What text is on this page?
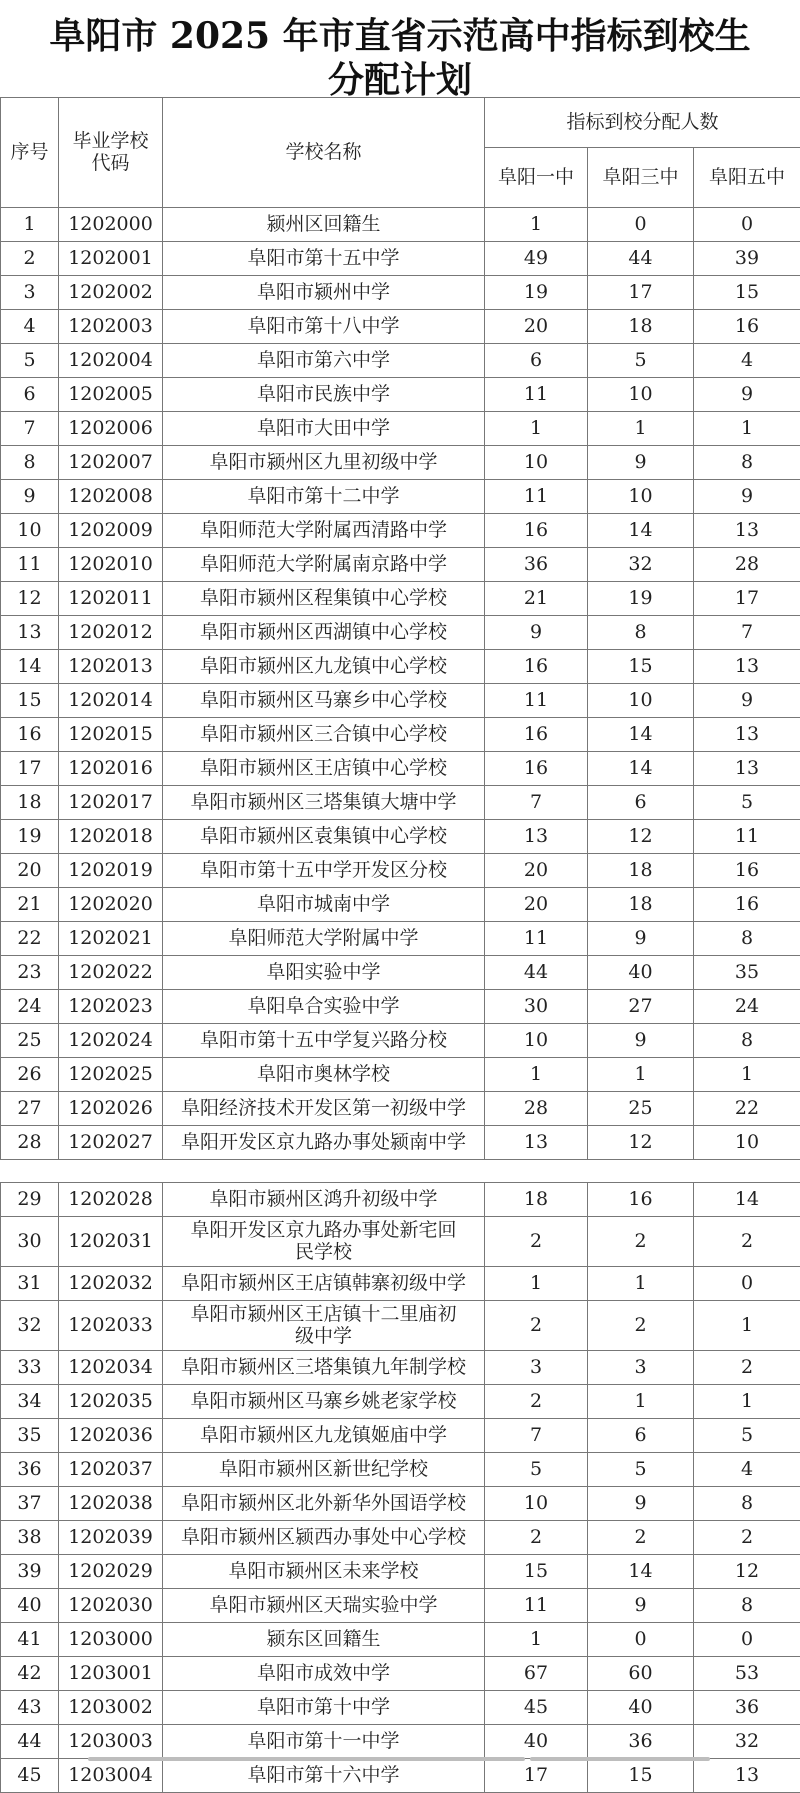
阜阳市 2025 年市直省示范高中指标到校生
分配计划
序号	毕业学校代码	学校名称	指标到校分配人数		
			阜阳一中	阜阳三中	阜阳五中
1	1202000	颍州区回籍生	1	0	0
2	1202001	阜阳市第十五中学	49	44	39
3	1202002	阜阳市颍州中学	19	17	15
4	1202003	阜阳市第十八中学	20	18	16
5	1202004	阜阳市第六中学	6	5	4
6	1202005	阜阳市民族中学	11	10	9
7	1202006	阜阳市大田中学	1	1	1
8	1202007	阜阳市颍州区九里初级中学	10	9	8
9	1202008	阜阳市第十二中学	11	10	9
10	1202009	阜阳师范大学附属西清路中学	16	14	13
11	1202010	阜阳师范大学附属南京路中学	36	32	28
12	1202011	阜阳市颍州区程集镇中心学校	21	19	17
13	1202012	阜阳市颍州区西湖镇中心学校	9	8	7
14	1202013	阜阳市颍州区九龙镇中心学校	16	15	13
15	1202014	阜阳市颍州区马寨乡中心学校	11	10	9
16	1202015	阜阳市颍州区三合镇中心学校	16	14	13
17	1202016	阜阳市颍州区王店镇中心学校	16	14	13
18	1202017	阜阳市颍州区三塔集镇大塘中学	7	6	5
19	1202018	阜阳市颍州区袁集镇中心学校	13	12	11
20	1202019	阜阳市第十五中学开发区分校	20	18	16
21	1202020	阜阳市城南中学	20	18	16
22	1202021	阜阳师范大学附属中学	11	9	8
23	1202022	阜阳实验中学	44	40	35
24	1202023	阜阳阜合实验中学	30	27	24
25	1202024	阜阳市第十五中学复兴路分校	10	9	8
26	1202025	阜阳市奥林学校	1	1	1
27	1202026	阜阳经济技术开发区第一初级中学	28	25	22
28	1202027	阜阳开发区京九路办事处颍南中学	13	12	10
29	1202028	阜阳市颍州区鸿升初级中学	18	16	14
30	1202031	阜阳开发区京九路办事处新宅回民学校	2	2	2
31	1202032	阜阳市颍州区王店镇韩寨初级中学	1	1	0
32	1202033	阜阳市颍州区王店镇十二里庙初级中学	2	2	1
33	1202034	阜阳市颍州区三塔集镇九年制学校	3	3	2
34	1202035	阜阳市颍州区马寨乡姚老家学校	2	1	1
35	1202036	阜阳市颍州区九龙镇姬庙中学	7	6	5
36	1202037	阜阳市颍州区新世纪学校	5	5	4
37	1202038	阜阳市颍州区北外新华外国语学校	10	9	8
38	1202039	阜阳市颍州区颍西办事处中心学校	2	2	2
39	1202029	阜阳市颍州区未来学校	15	14	12
40	1202030	阜阳市颍州区天瑞实验中学	11	9	8
41	1203000	颍东区回籍生	1	0	0
42	1203001	阜阳市成效中学	67	60	53
43	1203002	阜阳市第十中学	45	40	36
44	1203003	阜阳市第十一中学	40	36	32
45	1203004	阜阳市第十六中学	17	15	13
